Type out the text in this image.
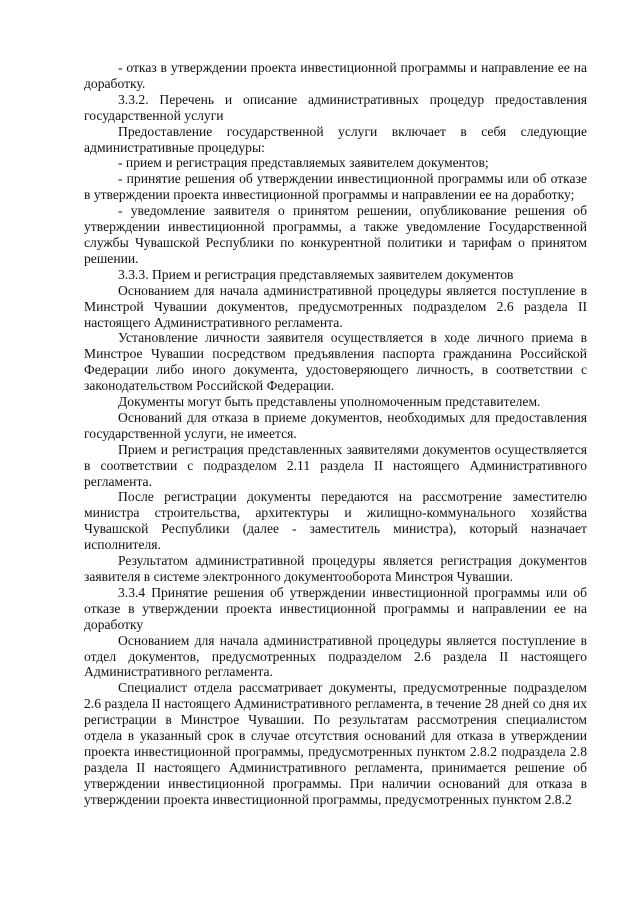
- отказ в утверждении проекта инвестиционной программы и направление ее на доработку.

3.3.2. Перечень и описание административных процедур предоставления государственной услуги

Предоставление государственной услуги включает в себя следующие административные процедуры:

- прием и регистрация представляемых заявителем документов;

- принятие решения об утверждении инвестиционной программы или об отказе в утверждении проекта инвестиционной программы и направлении ее на доработку;

- уведомление заявителя о принятом решении, опубликование решения об утверждении инвестиционной программы, а также уведомление Государственной службы Чувашской Республики по конкурентной политики и тарифам о принятом решении.

3.3.3. Прием и регистрация представляемых заявителем документов

Основанием для начала административной процедуры является поступление в Минстрой Чувашии документов, предусмотренных подразделом 2.6 раздела II настоящего Административного регламента.

Установление личности заявителя осуществляется в ходе личного приема в Минстрое Чувашии посредством предъявления паспорта гражданина Российской Федерации либо иного документа, удостоверяющего личность, в соответствии с законодательством Российской Федерации.

Документы могут быть представлены уполномоченным представителем.

Оснований для отказа в приеме документов, необходимых для предоставления государственной услуги, не имеется.

Прием и регистрация представленных заявителями документов осуществляется в соответствии с подразделом 2.11 раздела II настоящего Административного регламента.

После регистрации документы передаются на рассмотрение заместителю министра строительства, архитектуры и жилищно-коммунального хозяйства Чувашской Республики (далее - заместитель министра), который назначает исполнителя.

Результатом административной процедуры является регистрация документов заявителя в системе электронного документооборота Минстроя Чувашии.

3.3.4 Принятие решения об утверждении инвестиционной программы или об отказе в утверждении проекта инвестиционной программы и направлении ее на доработку

Основанием для начала административной процедуры является поступление в отдел документов, предусмотренных подразделом 2.6 раздела II настоящего Административного регламента.

Специалист отдела рассматривает документы, предусмотренные подразделом 2.6 раздела II настоящего Административного регламента, в течение 28 дней со дня их регистрации в Минстрое Чувашии. По результатам рассмотрения специалистом отдела в указанный срок в случае отсутствия оснований для отказа в утверждении проекта инвестиционной программы, предусмотренных пунктом 2.8.2 подраздела 2.8 раздела II настоящего Административного регламента, принимается решение об утверждении инвестиционной программы. При наличии оснований для отказа в утверждении проекта инвестиционной программы, предусмотренных пунктом 2.8.2
